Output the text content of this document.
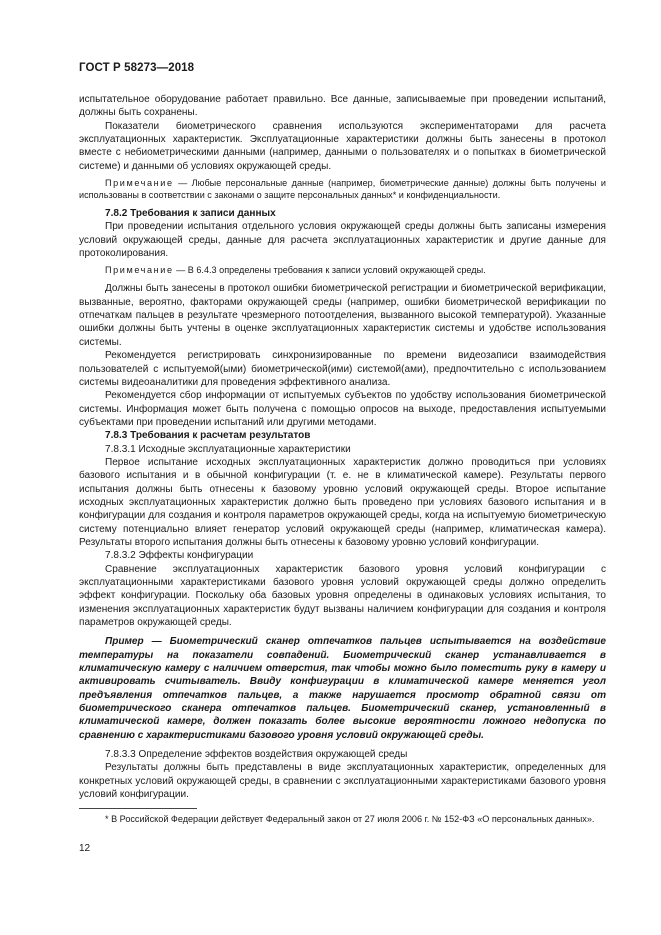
ГОСТ Р 58273—2018

испытательное оборудование работает правильно. Все данные, записываемые при проведении испытаний, должны быть сохранены.

Показатели биометрического сравнения используются экспериментаторами для расчета эксплуатационных характеристик. Эксплуатационные характеристики должны быть занесены в протокол вместе с небиометрическими данными (например, данными о пользователях и о попытках в биометрической системе) и данными об условиях окружающей среды.

Примечание — Любые персональные данные (например, биометрические данные) должны быть получены и использованы в соответствии с законами о защите персональных данных* и конфиденциальности.

7.8.2 Требования к записи данных

При проведении испытания отдельного условия окружающей среды должны быть записаны измерения условий окружающей среды, данные для расчета эксплуатационных характеристик и другие данные для протоколирования.

Примечание — В 6.4.3 определены требования к записи условий окружающей среды.

Должны быть занесены в протокол ошибки биометрической регистрации и биометрической верификации, вызванные, вероятно, факторами окружающей среды (например, ошибки биометрической верификации по отпечаткам пальцев в результате чрезмерного потоотделения, вызванного высокой температурой). Указанные ошибки должны быть учтены в оценке эксплуатационных характеристик системы и удобстве использования системы.

Рекомендуется регистрировать синхронизированные по времени видеозаписи взаимодействия пользователей с испытуемой(ыми) биометрической(ими) системой(ами), предпочтительно с использованием системы видеоаналитики для проведения эффективного анализа.

Рекомендуется сбор информации от испытуемых субъектов по удобству использования биометрической системы. Информация может быть получена с помощью опросов на выходе, предоставления испытуемыми субъектами при проведении испытаний или другими методами.

7.8.3 Требования к расчетам результатов

7.8.3.1 Исходные эксплуатационные характеристики

Первое испытание исходных эксплуатационных характеристик должно проводиться при условиях базового испытания и в обычной конфигурации (т. е. не в климатической камере). Результаты первого испытания должны быть отнесены к базовому уровню условий окружающей среды. Второе испытание исходных эксплуатационных характеристик должно быть проведено при условиях базового испытания и в конфигурации для создания и контроля параметров окружающей среды, когда на испытуемую биометрическую систему потенциально влияет генератор условий окружающей среды (например, климатическая камера). Результаты второго испытания должны быть отнесены к базовому уровню условий конфигурации.

7.8.3.2 Эффекты конфигурации

Сравнение эксплуатационных характеристик базового уровня условий конфигурации с эксплуатационными характеристиками базового уровня условий окружающей среды должно определить эффект конфигурации. Поскольку оба базовых уровня определены в одинаковых условиях испытания, то изменения эксплуатационных характеристик будут вызваны наличием конфигурации для создания и контроля параметров окружающей среды.

Пример — Биометрический сканер отпечатков пальцев испытывается на воздействие температуры на показатели совпадений. Биометрический сканер устанавливается в климатическую камеру с наличием отверстия, так чтобы можно было поместить руку в камеру и активировать считыватель. Ввиду конфигурации в климатической камере меняется угол предъявления отпечатков пальцев, а также нарушается просмотр обратной связи от биометрического сканера отпечатков пальцев. Биометрический сканер, установленный в климатической камере, должен показать более высокие вероятности ложного недопуска по сравнению с характеристиками базового уровня условий окружающей среды.

7.8.3.3 Определение эффектов воздействия окружающей среды

Результаты должны быть представлены в виде эксплуатационных характеристик, определенных для конкретных условий окружающей среды, в сравнении с эксплуатационными характеристиками базового уровня условий конфигурации.

* В Российской Федерации действует Федеральный закон от 27 июля 2006 г. № 152-ФЗ «О персональных данных».

12
